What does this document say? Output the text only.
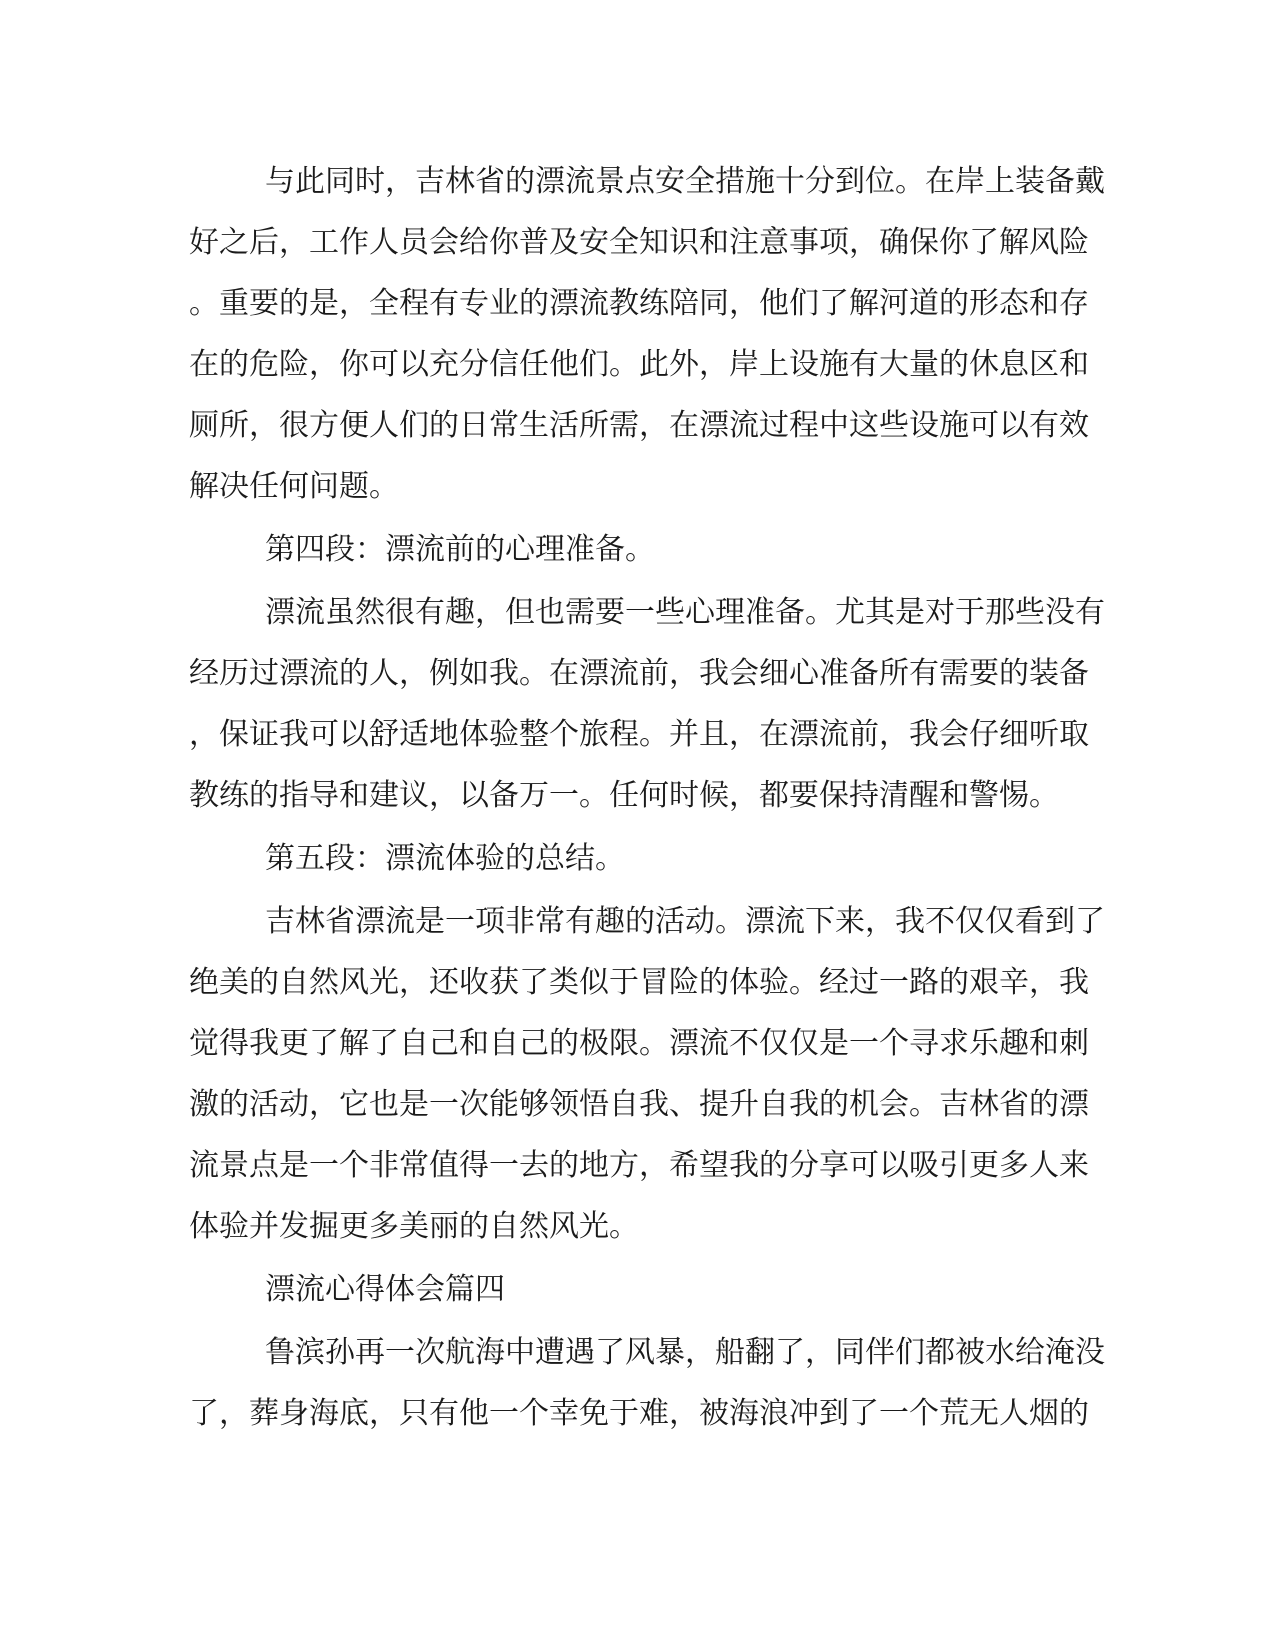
与此同时，吉林省的漂流景点安全措施十分到位。在岸上装备戴

好之后，工作人员会给你普及安全知识和注意事项，确保你了解风险

。重要的是，全程有专业的漂流教练陪同，他们了解河道的形态和存

在的危险，你可以充分信任他们。此外，岸上设施有大量的休息区和

厕所，很方便人们的日常生活所需，在漂流过程中这些设施可以有效

解决任何问题。

第四段：漂流前的心理准备。

漂流虽然很有趣，但也需要一些心理准备。尤其是对于那些没有

经历过漂流的人，例如我。在漂流前，我会细心准备所有需要的装备

，保证我可以舒适地体验整个旅程。并且，在漂流前，我会仔细听取

教练的指导和建议，以备万一。任何时候，都要保持清醒和警惕。

第五段：漂流体验的总结。

吉林省漂流是一项非常有趣的活动。漂流下来，我不仅仅看到了

绝美的自然风光，还收获了类似于冒险的体验。经过一路的艰辛，我

觉得我更了解了自己和自己的极限。漂流不仅仅是一个寻求乐趣和刺

激的活动，它也是一次能够领悟自我、提升自我的机会。吉林省的漂

流景点是一个非常值得一去的地方，希望我的分享可以吸引更多人来

体验并发掘更多美丽的自然风光。

漂流心得体会篇四

鲁滨孙再一次航海中遭遇了风暴，船翻了，同伴们都被水给淹没

了，葬身海底，只有他一个幸免于难，被海浪冲到了一个荒无人烟的
